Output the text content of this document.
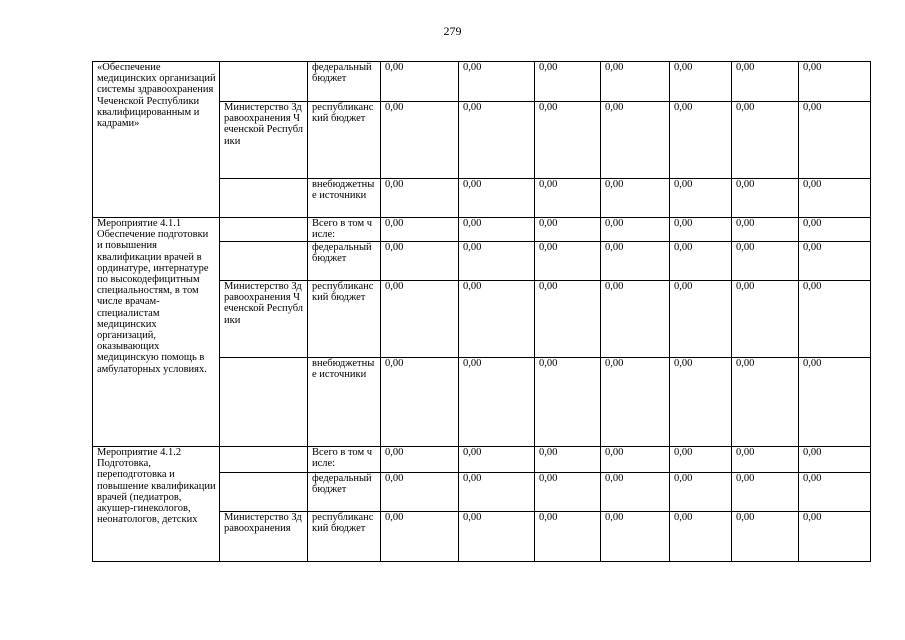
279
«Обеспечение медицинских организаций системы здравоохранения Чеченской Республики квалифицированным и кадрами»		федеральный бюджет	0,00	0,00	0,00	0,00	0,00	0,00	0,00
	Министерство Здравоохранения Чеченской Республики	республиканский бюджет	0,00	0,00	0,00	0,00	0,00	0,00	0,00
		внебюджетные источники	0,00	0,00	0,00	0,00	0,00	0,00	0,00
Мероприятие 4.1.1 Обеспечение подготовки и повышения квалификации врачей в ординатуре, интернатуре по высокодефицитным специальностям, в том числе врачам-специалистам медицинских организаций, оказывающих медицинскую помощь в амбулаторных условиях.		Всего в том числе:	0,00	0,00	0,00	0,00	0,00	0,00	0,00
		федеральный бюджет	0,00	0,00	0,00	0,00	0,00	0,00	0,00
	Министерство Здравоохранения Чеченской Республики	республиканский бюджет	0,00	0,00	0,00	0,00	0,00	0,00	0,00
		внебюджетные источники	0,00	0,00	0,00	0,00	0,00	0,00	0,00
Мероприятие 4.1.2 Подготовка, переподготовка и повышение квалификации врачей (педиатров, акушер-гинекологов, неонатологов, детских		Всего в том числе:	0,00	0,00	0,00	0,00	0,00	0,00	0,00
		федеральный бюджет	0,00	0,00	0,00	0,00	0,00	0,00	0,00
	Министерство Здравоохранения	республиканский бюджет	0,00	0,00	0,00	0,00	0,00	0,00	0,00
